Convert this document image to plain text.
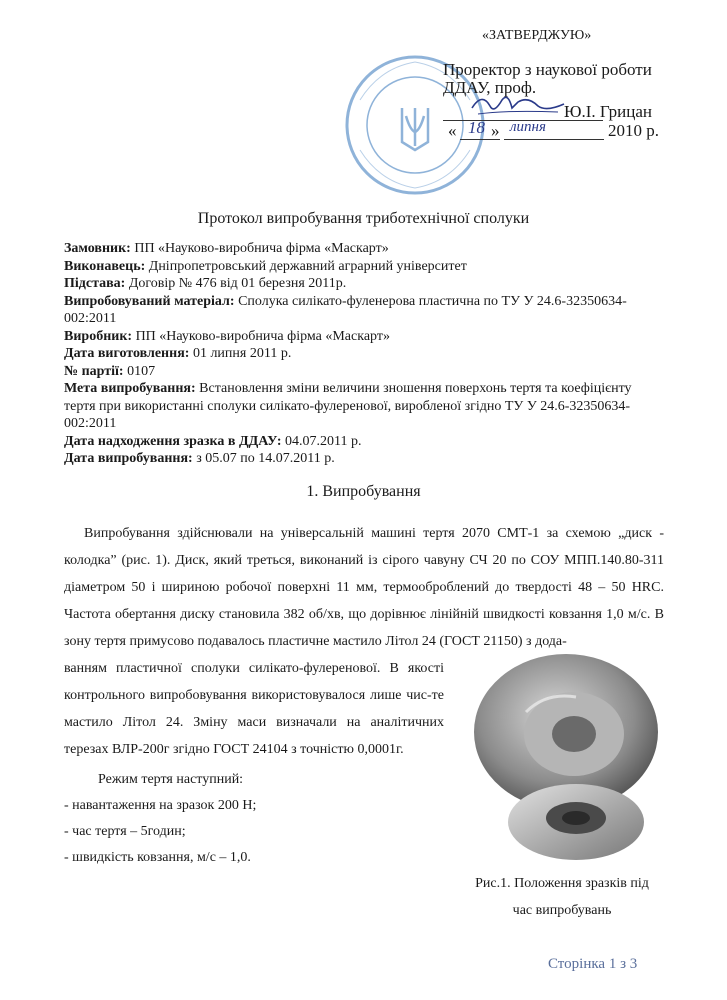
«ЗАТВЕРДЖУЮ»
Проректор з наукової роботи
ДДАУ, проф.
Ю.І. Грицан
« 18 » липня	2010 р.
Протокол випробування триботехнічної сполуки

Замовник: ПП «Науково-виробнича фірма «Маскарт»

Виконавець: Дніпропетровський державний аграрний університет

Підстава: Договір № 476 від 01 березня 2011р.

Випробовуваний матеріал: Сполука силікато-фуленерова пластична по ТУ У 24.6-32350634-002:2011

Виробник: ПП «Науково-виробнича фірма «Маскарт»

Дата виготовлення: 01 липня 2011 р.

№ партії: 0107

Мета випробування: Встановлення зміни величини зношення поверхонь тертя та коефіцієнту тертя при використанні сполуки силікато-фулеренової, виробленої згідно ТУ У 24.6-32350634-002:2011

Дата надходження зразка в ДДАУ: 04.07.2011 р.

Дата випробування: з 05.07 по 14.07.2011 р.

1. Випробування
Випробування здійснювали на універсальній машині тертя 2070 СМТ-1 за схемою „диск - колодка” (рис. 1). Диск, який треться, виконаний із сірого чавуну СЧ 20 по СОУ МПП.140.80-311 діаметром 50 і шириною робочої поверхні 11 мм, термооброблений до твердості 48 – 50 HRC. Частота обертання диску становила 382 об/хв, що дорівнює лінійній швидкості ковзання 1,0 м/с. В зону тертя примусово подавалось пластичне мастило Літол 24 (ГОСТ 21150) з дода-
ванням пластичної сполуки силікато-фулеренової. В якості контрольного випробовування використовувалося лише чис-те мастило Літол 24. Зміну маси визначали на аналітичних терезах ВЛР-200г згідно ГОСТ 24104 з точністю 0,0001г.
Режим тертя наступний:
- навантаження на зразок 200 Н;
- час тертя – 5годин;
- швидкість ковзання, м/с – 1,0.
Рис.1. Положення зразків під
час випробувань
Сторінка 1 з 3
